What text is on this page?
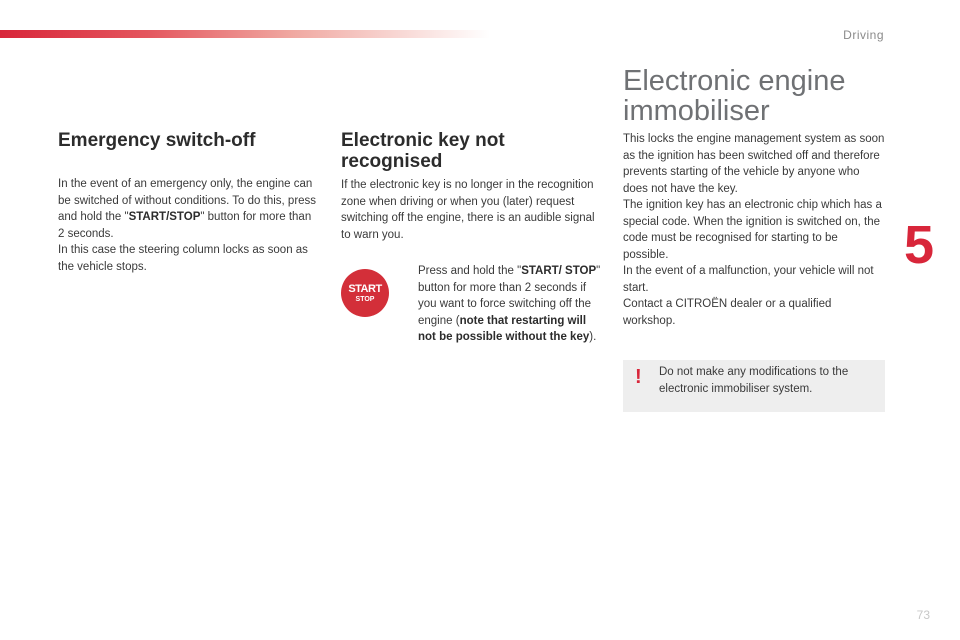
Driving
5
Emergency switch-off

In the event of an emergency only, the engine can be switched of without conditions. To do this, press and hold the "START/STOP" button for more than 2 seconds.

In this case the steering column locks as soon as the vehicle stops.

Electronic key not
recognised

If the electronic key is no longer in the recognition zone when driving or when you (later) request switching off the engine, there is an audible signal to warn you.

START
STOP
Press and hold the "START/ STOP" button for more than 2 seconds if you want to force switching off the engine (note that restarting will not be possible without the key).
Electronic engine
immobiliser

This locks the engine management system as soon as the ignition has been switched off and therefore prevents starting of the vehicle by anyone who does not have the key.

The ignition key has an electronic chip which has a special code. When the ignition is switched on, the code must be recognised for starting to be possible.

In the event of a malfunction, your vehicle will not start.

Contact a CITROËN dealer or a qualified workshop.

! Do not make any modifications to the electronic immobiliser system.
73
